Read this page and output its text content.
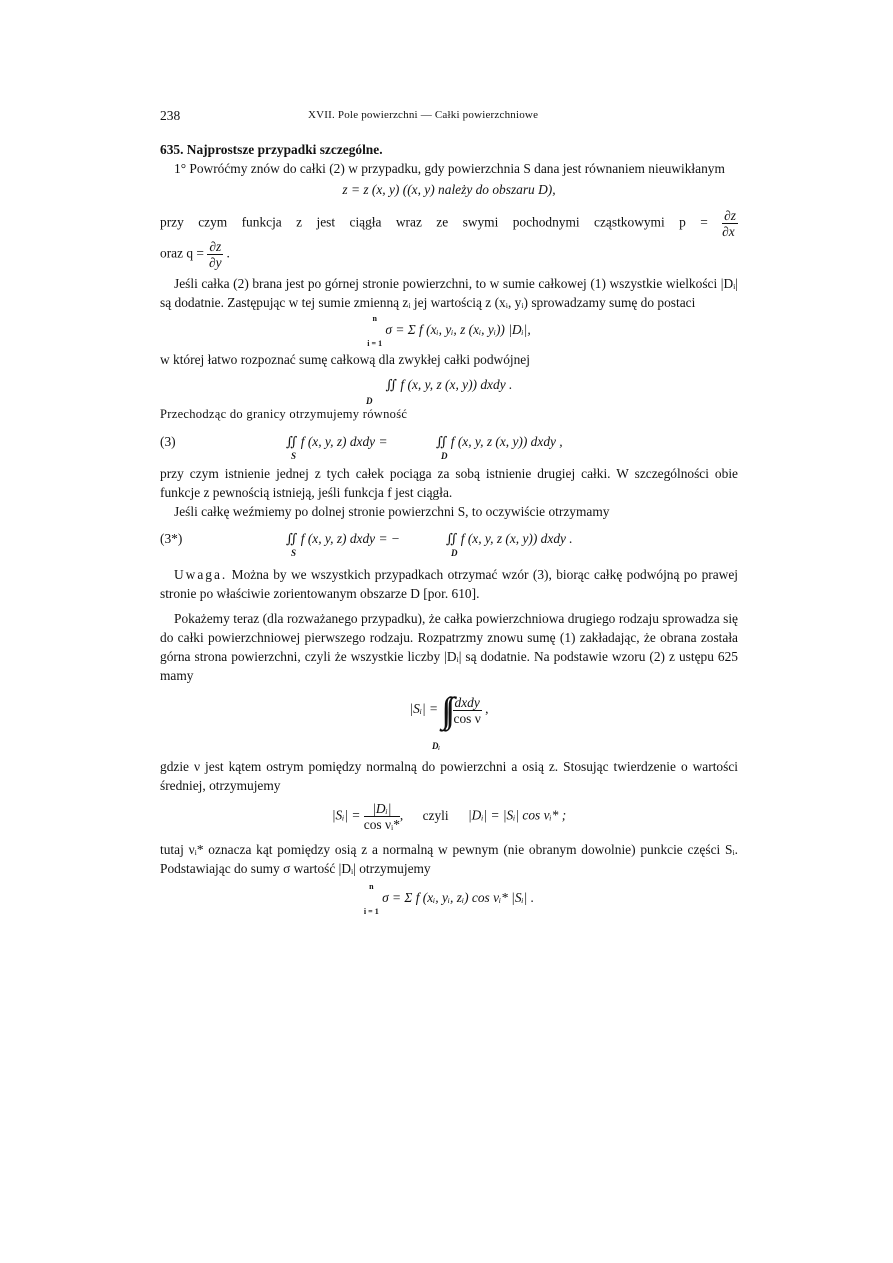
238	XVII. Pole powierzchni — Całki powierzchniowe
635. Najprostsze przypadki szczególne.

1° Powróćmy znów do całki (2) w przypadku, gdy powierzchnia S dana jest równaniem nieuwikłanym

z = z (x, y) ((x, y) należy do obszaru D),

przy czym funkcja z jest ciągła wraz ze swymi pochodnymi cząstkowymi $p = \frac{\partial z}{\partial x}$

oraz $q = \frac{\partial z}{\partial y}$ .

Jeśli całka (2) brana jest po górnej stronie powierzchni, to w sumie całkowej (1) wszystkie wielkości |Dᵢ| są dodatnie. Zastępując w tej sumie zmienną zᵢ jej wartością z (xᵢ, yᵢ) sprowadzamy sumę do postaci

n

i = 1
σ = Σ f (xᵢ, yᵢ, z (xᵢ, yᵢ)) |Dᵢ|,

w której łatwo rozpoznać sumę całkową dla zwykłej całki podwójnej

∬ f (x, y, z (x, y)) dxdy .
D

Przechodząc do granicy otrzymujemy równość

(3)	∬ f (x, y, z) dxdy =	∬ f (x, y, z (x, y)) dxdy ,
S	D

przy czym istnienie jednej z tych całek pociąga za sobą istnienie drugiej całki. W szczególności obie funkcje z pewnością istnieją, jeśli funkcja f jest ciągła.

Jeśli całkę weźmiemy po dolnej stronie powierzchni S, to oczywiście otrzymamy

(3*)	∬ f (x, y, z) dxdy = −	∬ f (x, y, z (x, y)) dxdy .
S	D

Uwaga. Można by we wszystkich przypadkach otrzymać wzór (3), biorąc całkę podwójną po prawej stronie po właściwie zorientowanym obszarze D [por. 610].

Pokażemy teraz (dla rozważanego przypadku), że całka powierzchniowa drugiego rodzaju sprowadza się do całki powierzchniowej pierwszego rodzaju. Rozpatrzmy znowu sumę (1) zakładając, że obrana została górna strona powierzchni, czyli że wszystkie liczby |Dᵢ| są dodatnie. Na podstawie wzoru (2) z ustępu 625 mamy

|Sᵢ| = ∫∫ $\frac{\text{dxdy}}{\text{cos ν}}$ ,
Dᵢ

gdzie ν jest kątem ostrym pomiędzy normalną do powierzchni a osią z. Stosując twierdzenie o wartości średniej, otrzymujemy

|Sᵢ| = $\frac{\text{|Dᵢ|}}{\text{cos νᵢ*}}$ , czyli |Dᵢ| = |Sᵢ| cos νᵢ* ;

tutaj νᵢ* oznacza kąt pomiędzy osią z a normalną w pewnym (nie obranym dowolnie) punkcie części Sᵢ. Podstawiając do sumy σ wartość |Dᵢ| otrzymujemy

n

i = 1
σ = Σ f (xᵢ, yᵢ, zᵢ) cos νᵢ* |Sᵢ| .
